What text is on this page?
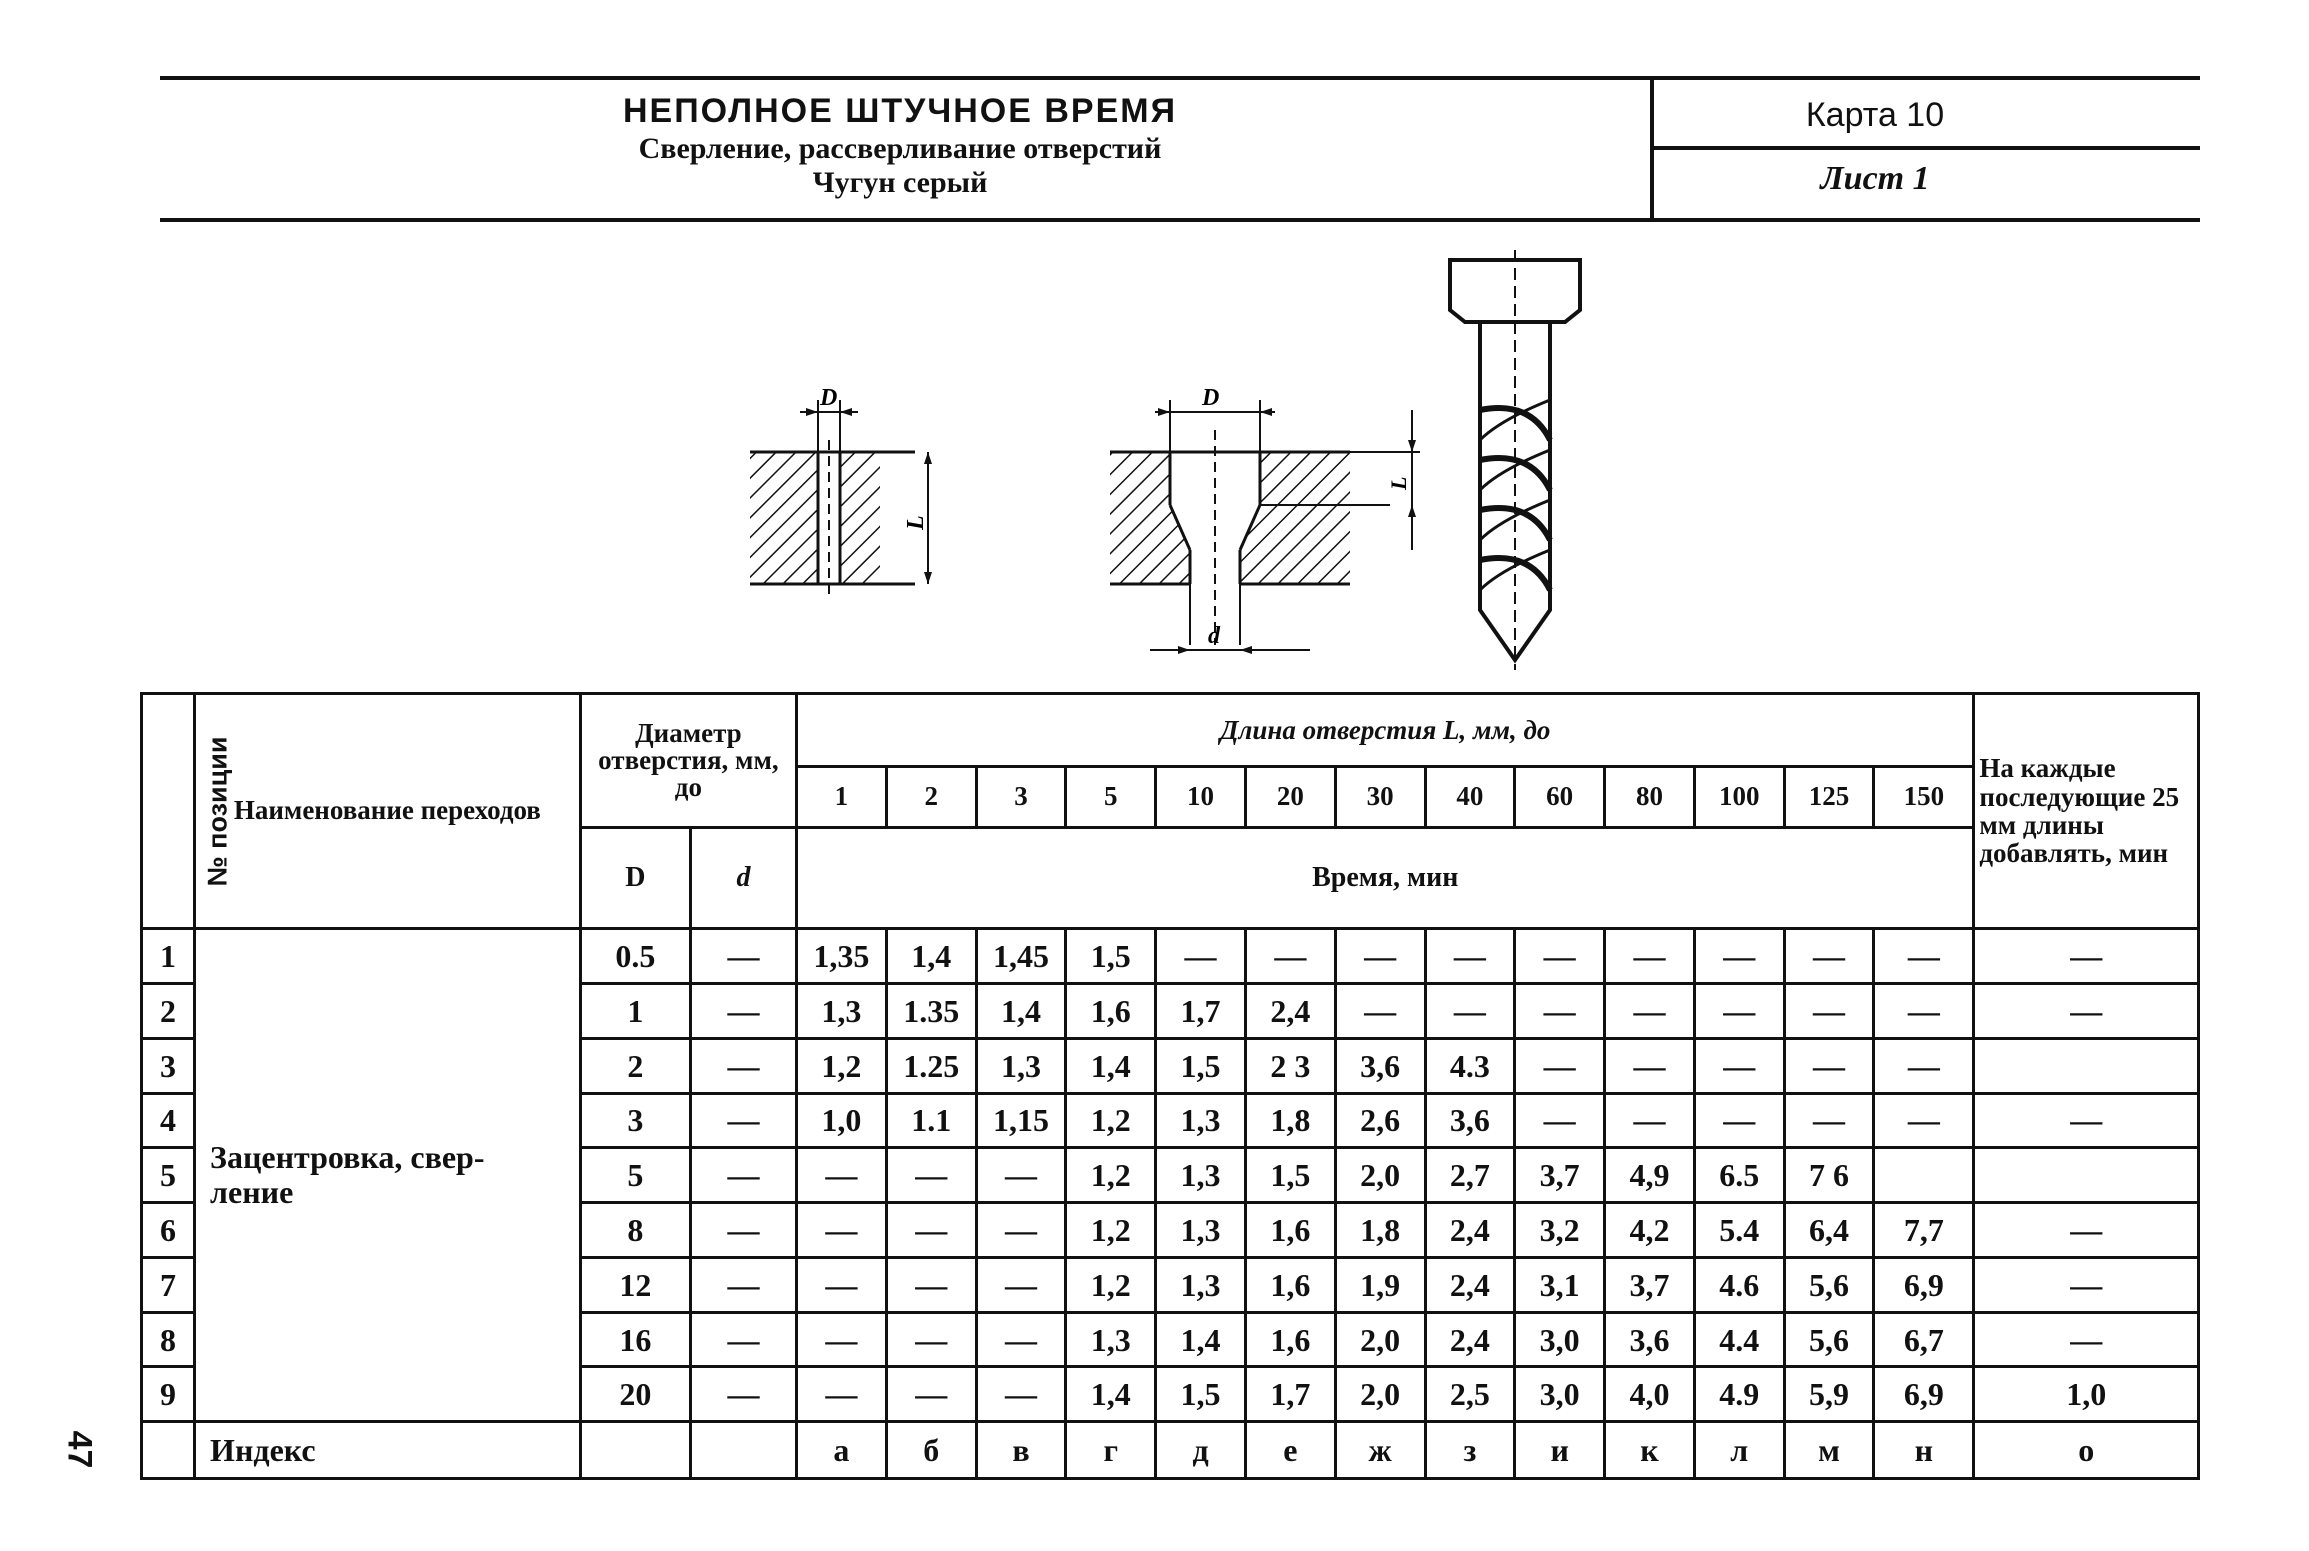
НЕПОЛНОЕ ШТУЧНОЕ ВРЕМЯ
Сверление, рассверливание отверстий
Чугун серый
Карта 10
Лист 1
D
L
D
L
d
№ позиции	Наименование переходов	Диаметр отверстия, мм, до		Длина отверстия L, мм, до													На каждые последующие 25 мм длины добавлять, мин
				1	2	3	5	10	20	30	40	60	80	100	125	150	
		D	d	Время, мин													
1	Зацентровка, свер-ление	0.5	—	1,35	1,4	1,45	1,5	—	—	—	—	—	—	—	—	—	—
2		1	—	1,3	1.35	1,4	1,6	1,7	2,4	—	—	—	—	—	—	—	—
3		2	—	1,2	1.25	1,3	1,4	1,5	2 3	3,6	4.3	—	—	—	—	—	
4		3	—	1,0	1.1	1,15	1,2	1,3	1,8	2,6	3,6	—	—	—	—	—	—
5		5	—	—	—	—	1,2	1,3	1,5	2,0	2,7	3,7	4,9	6.5	7 6		
6		8	—	—	—	—	1,2	1,3	1,6	1,8	2,4	3,2	4,2	5.4	6,4	7,7	—
7		12	—	—	—	—	1,2	1,3	1,6	1,9	2,4	3,1	3,7	4.6	5,6	6,9	—
8		16	—	—	—	—	1,3	1,4	1,6	2,0	2,4	3,0	3,6	4.4	5,6	6,7	—
9		20	—	—	—	—	1,4	1,5	1,7	2,0	2,5	3,0	4,0	4.9	5,9	6,9	1,0
	Индекс			а	б	в	г	д	е	ж	з	и	к	л	м	н	о
47
